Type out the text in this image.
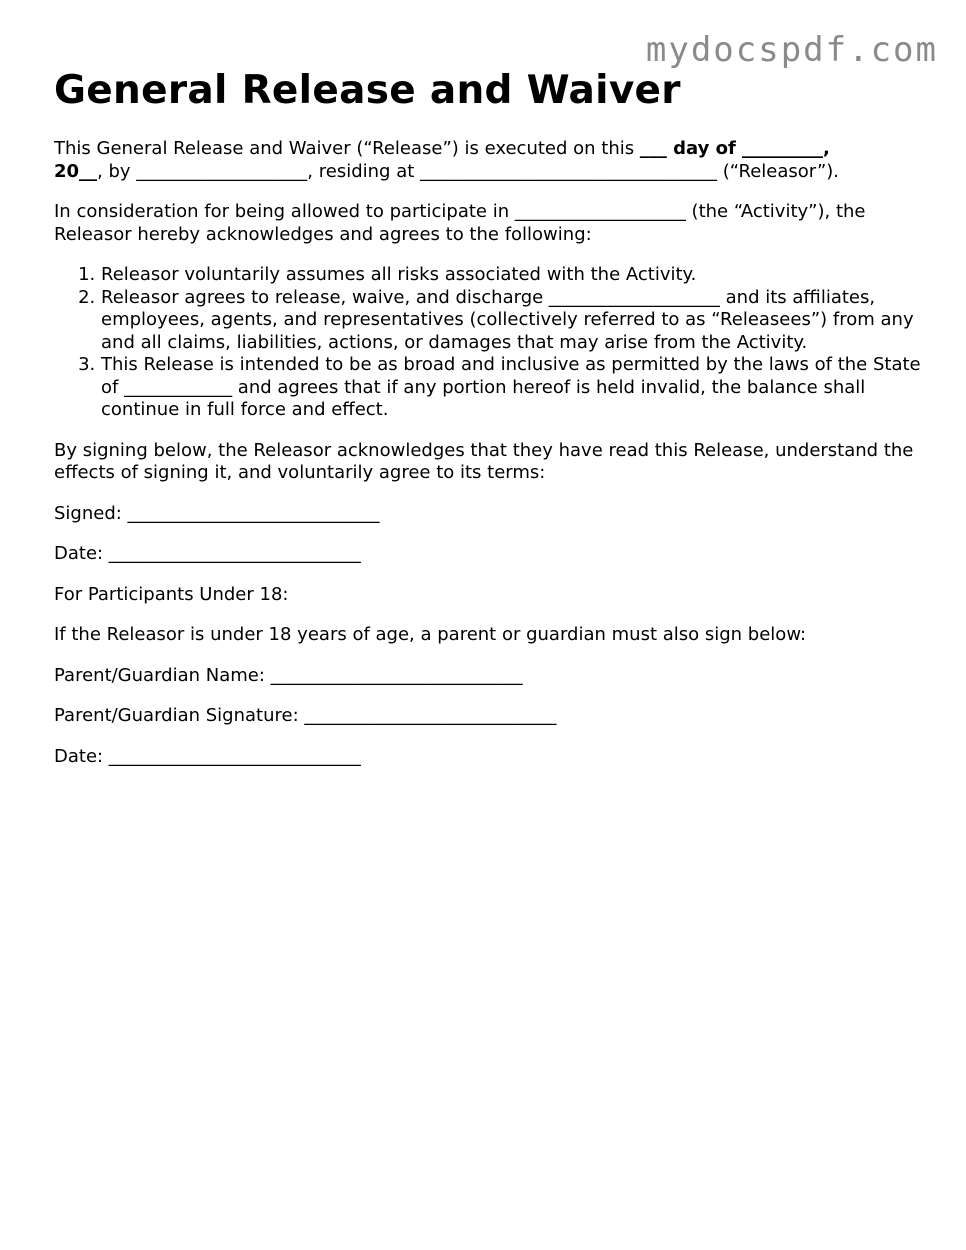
mydocspdf.com
General Release and Waiver

This General Release and Waiver (“Release”) is executed on this ___ day of _________,
20__, by ___________________, residing at _________________________________ (“Releasor”).

In consideration for being allowed to participate in ___________________ (the “Activity”), the Releasor hereby acknowledges and agrees to the following:

1. Releasor voluntarily assumes all risks associated with the Activity.
2. Releasor agrees to release, waive, and discharge ___________________ and its affiliates, employees, agents, and representatives (collectively referred to as “Releasees”) from any and all claims, liabilities, actions, or damages that may arise from the Activity.
3. This Release is intended to be as broad and inclusive as permitted by the laws of the State of ____________ and agrees that if any portion hereof is held invalid, the balance shall continue in full force and effect.

By signing below, the Releasor acknowledges that they have read this Release, understand the effects of signing it, and voluntarily agree to its terms:

Signed: ____________________________

Date: ____________________________

For Participants Under 18:

If the Releasor is under 18 years of age, a parent or guardian must also sign below:

Parent/Guardian Name: ____________________________

Parent/Guardian Signature: ____________________________

Date: ____________________________
